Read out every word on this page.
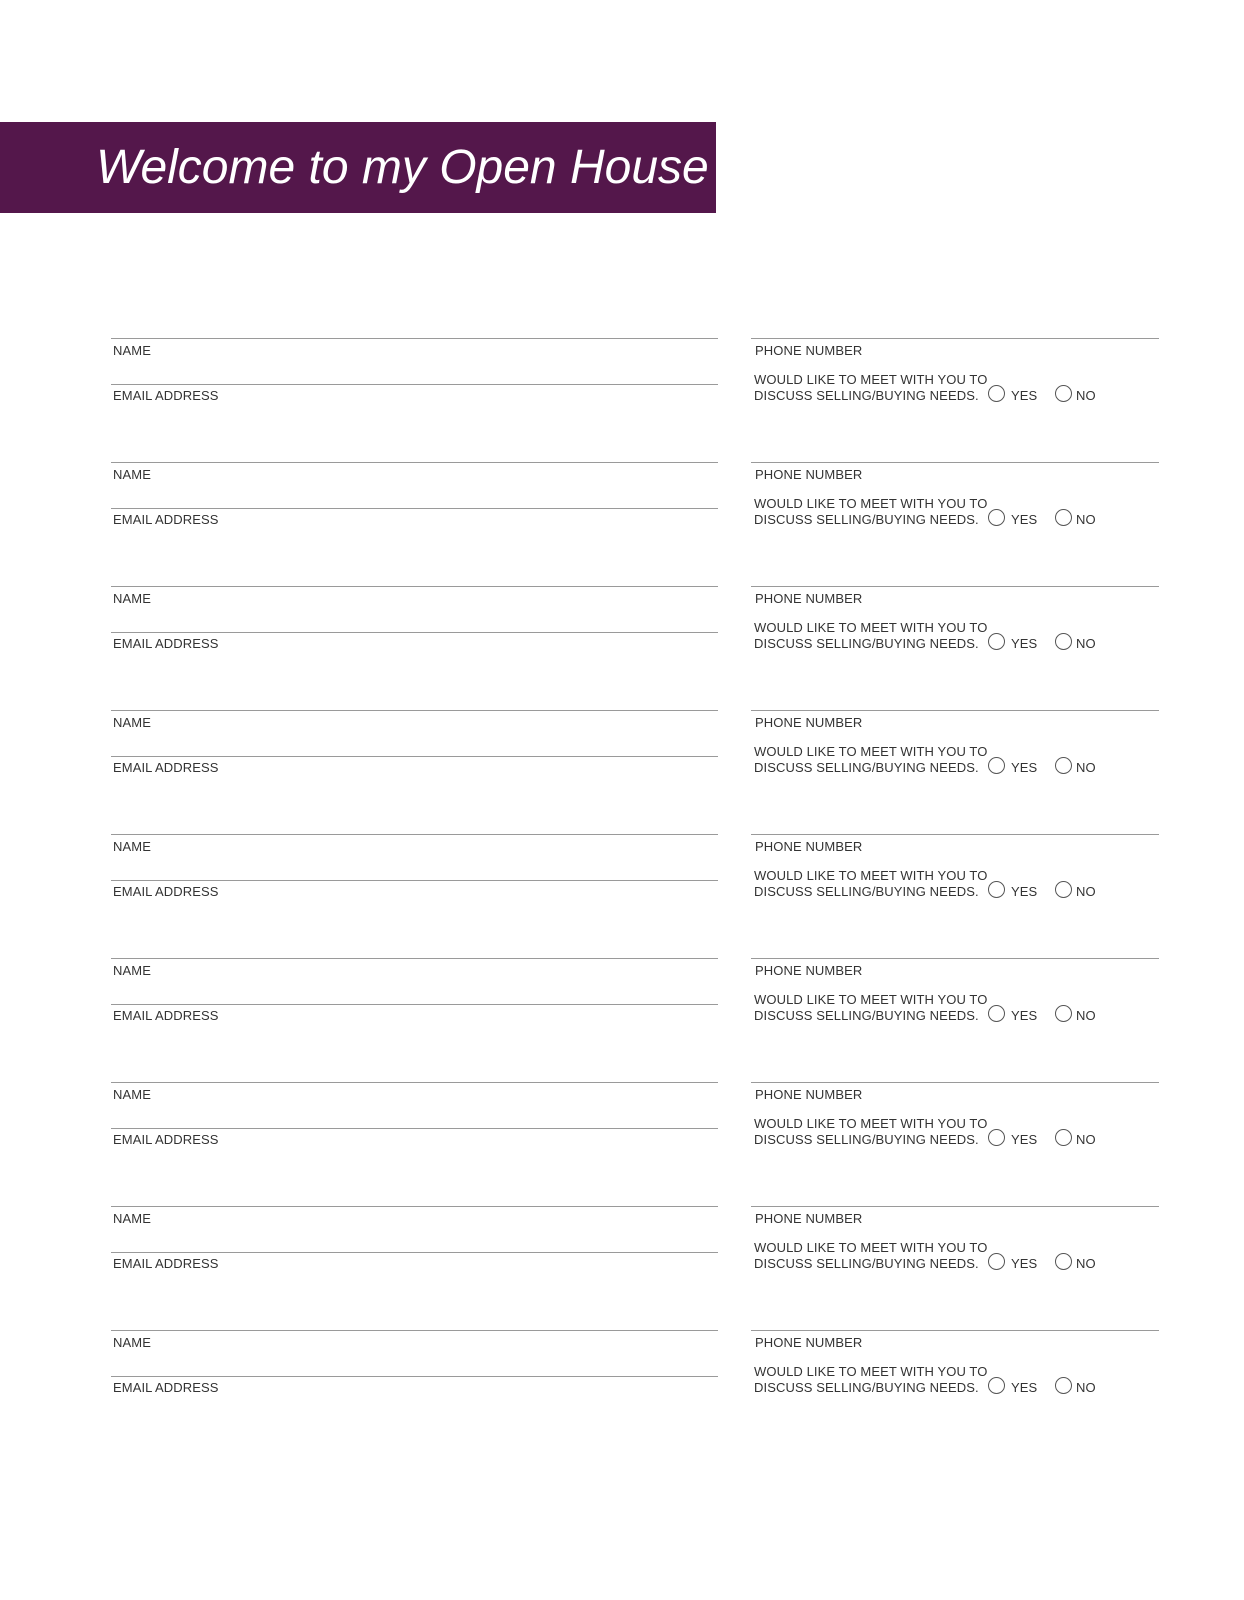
Welcome to my Open House
NAME
EMAIL ADDRESS
PHONE NUMBER
WOULD LIKE TO MEET WITH YOU TO
DISCUSS SELLING/BUYING NEEDS. YES	NO
NAME
EMAIL ADDRESS
PHONE NUMBER
WOULD LIKE TO MEET WITH YOU TO
DISCUSS SELLING/BUYING NEEDS. YES	NO
NAME
EMAIL ADDRESS
PHONE NUMBER
WOULD LIKE TO MEET WITH YOU TO
DISCUSS SELLING/BUYING NEEDS. YES	NO
NAME
EMAIL ADDRESS
PHONE NUMBER
WOULD LIKE TO MEET WITH YOU TO
DISCUSS SELLING/BUYING NEEDS. YES	NO
NAME
EMAIL ADDRESS
PHONE NUMBER
WOULD LIKE TO MEET WITH YOU TO
DISCUSS SELLING/BUYING NEEDS. YES	NO
NAME
EMAIL ADDRESS
PHONE NUMBER
WOULD LIKE TO MEET WITH YOU TO
DISCUSS SELLING/BUYING NEEDS. YES	NO
NAME
EMAIL ADDRESS
PHONE NUMBER
WOULD LIKE TO MEET WITH YOU TO
DISCUSS SELLING/BUYING NEEDS. YES	NO
NAME
EMAIL ADDRESS
PHONE NUMBER
WOULD LIKE TO MEET WITH YOU TO
DISCUSS SELLING/BUYING NEEDS. YES	NO
NAME
EMAIL ADDRESS
PHONE NUMBER
WOULD LIKE TO MEET WITH YOU TO
DISCUSS SELLING/BUYING NEEDS. YES	NO
